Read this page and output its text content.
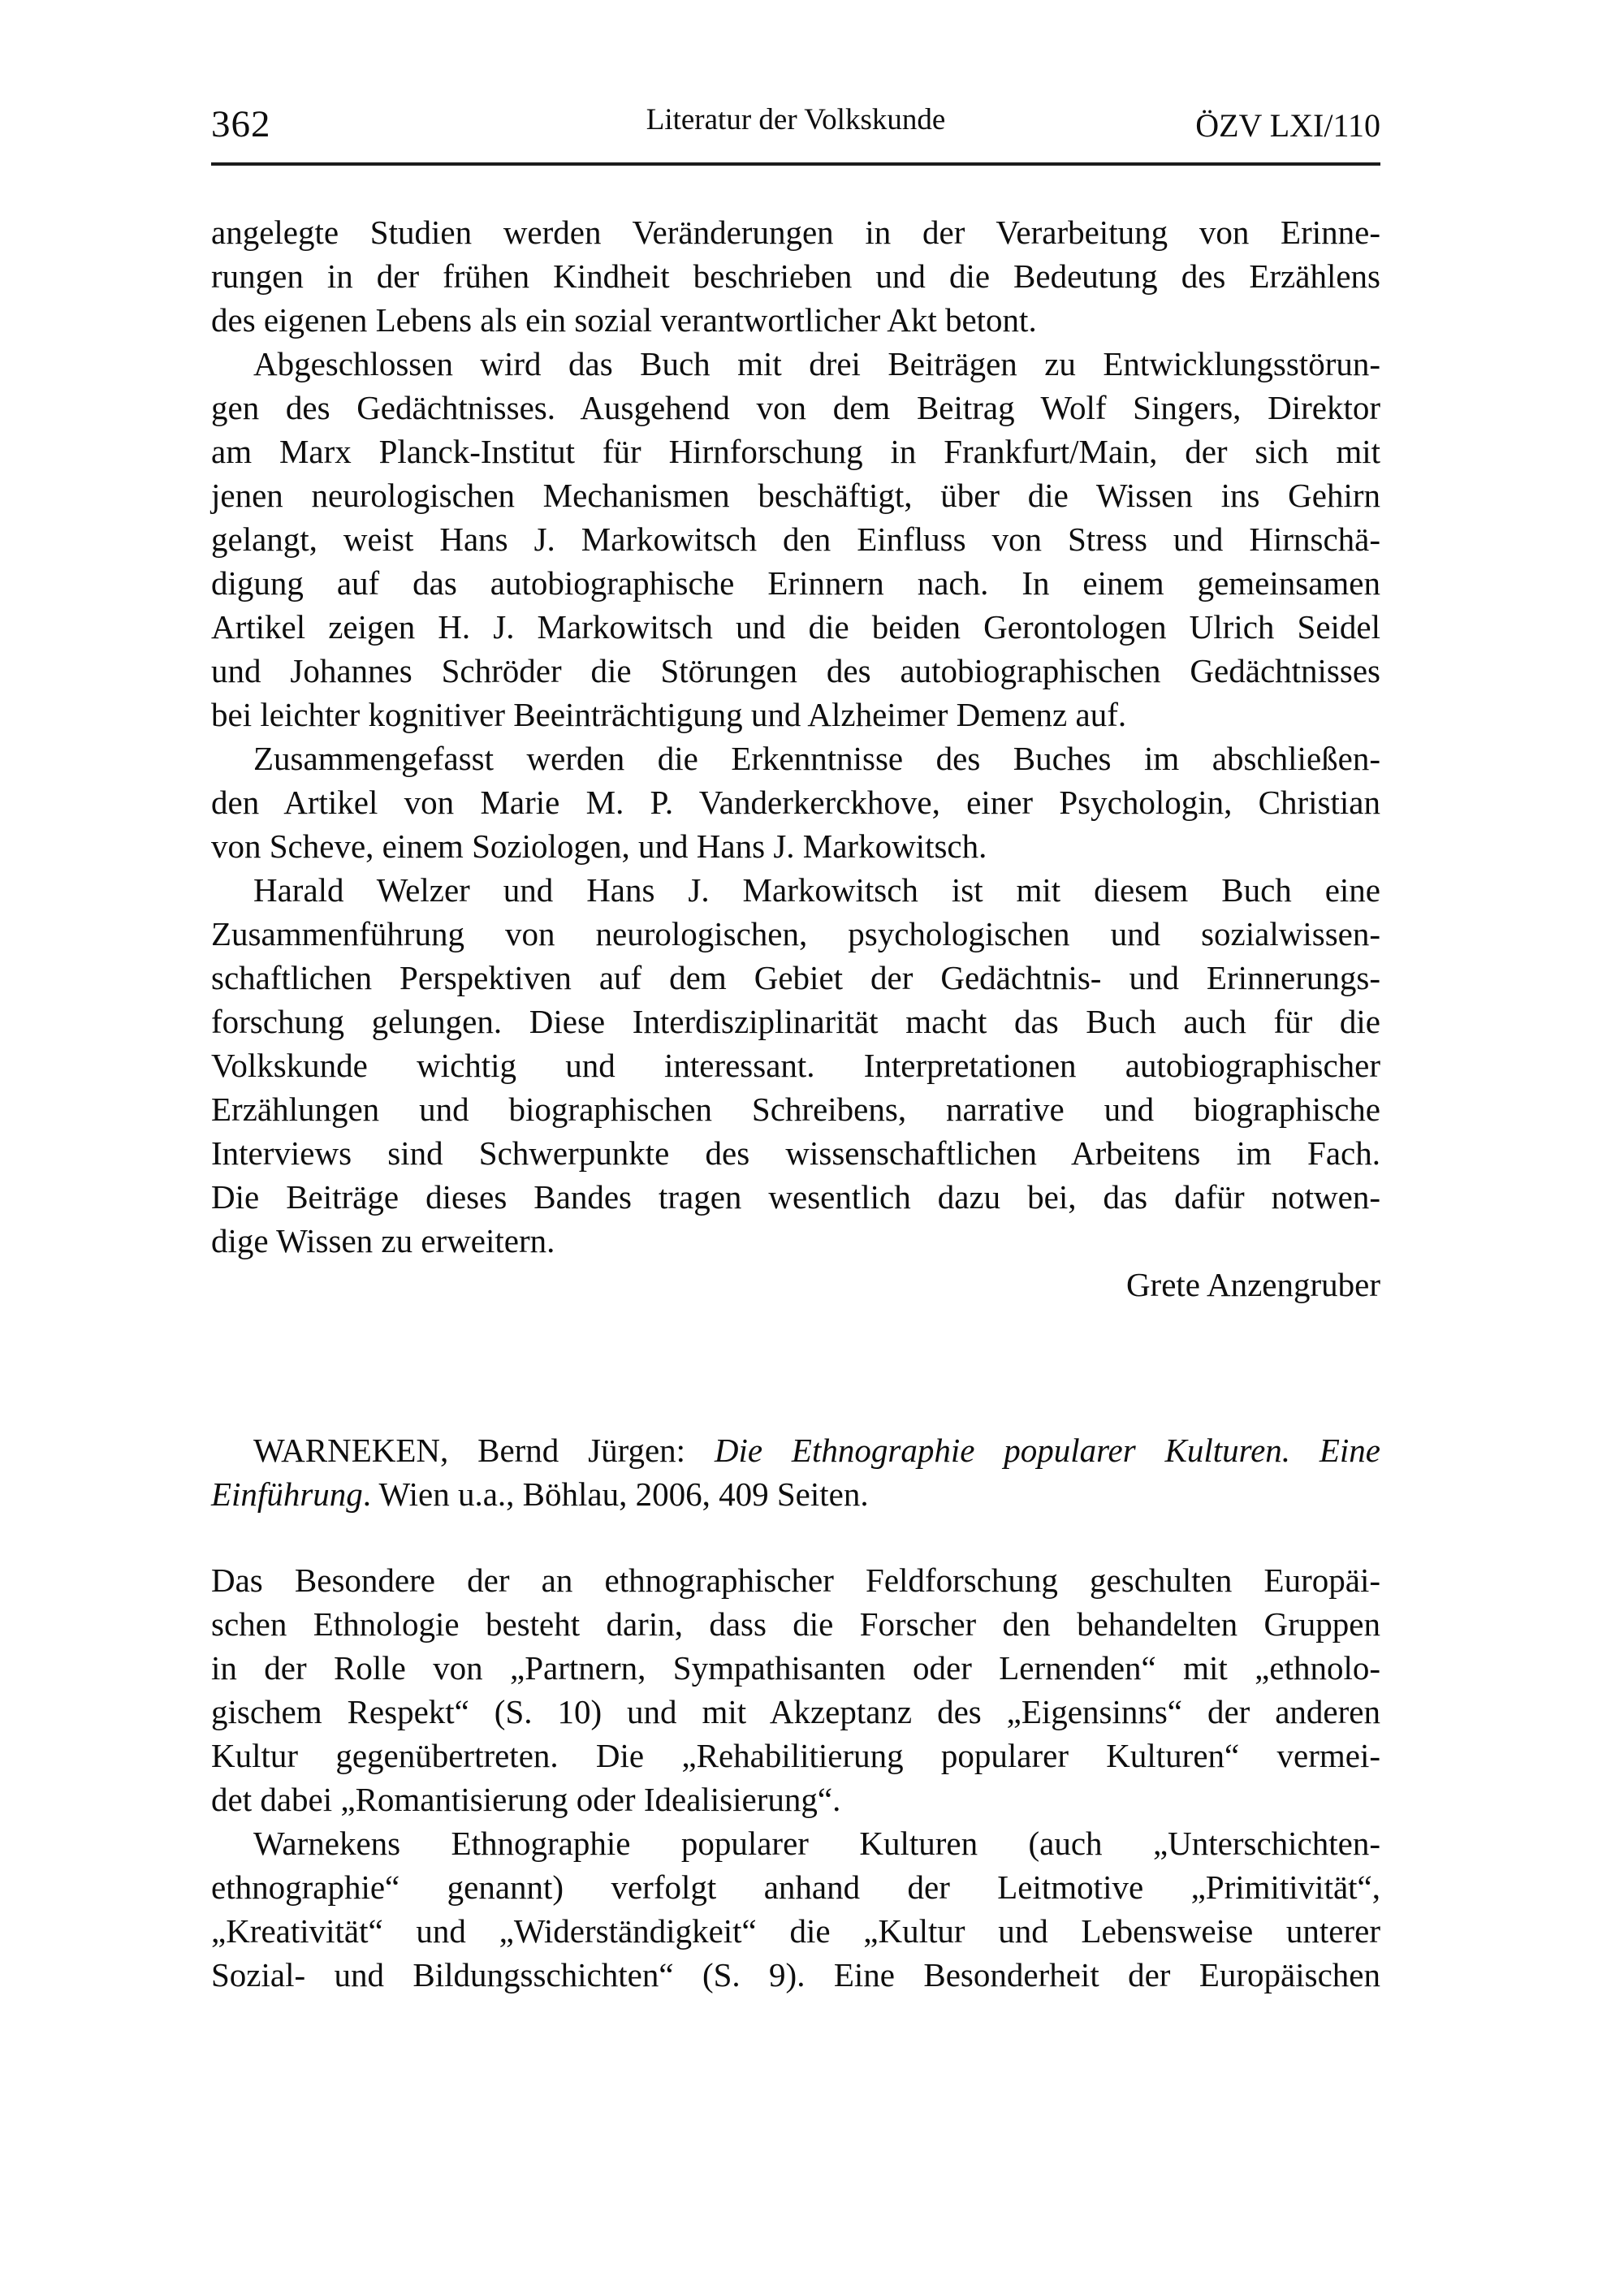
362	Literatur der Volkskunde	ÖZV LXI/110
angelegte Studien werden Veränderungen in der Verarbeitung von Erinne-
rungen in der frühen Kindheit beschrieben und die Bedeutung des Erzählens
des eigenen Lebens als ein sozial verantwortlicher Akt betont.
Abgeschlossen wird das Buch mit drei Beiträgen zu Entwicklungsstörun-
gen des Gedächtnisses. Ausgehend von dem Beitrag Wolf Singers, Direktor
am Marx Planck-Institut für Hirnforschung in Frankfurt/Main, der sich mit
jenen neurologischen Mechanismen beschäftigt, über die Wissen ins Gehirn
gelangt, weist Hans J. Markowitsch den Einfluss von Stress und Hirnschä-
digung auf das autobiographische Erinnern nach. In einem gemeinsamen
Artikel zeigen H. J. Markowitsch und die beiden Gerontologen Ulrich Seidel
und Johannes Schröder die Störungen des autobiographischen Gedächtnisses
bei leichter kognitiver Beeinträchtigung und Alzheimer Demenz auf.
Zusammengefasst werden die Erkenntnisse des Buches im abschließen-
den Artikel von Marie M. P. Vanderkerckhove, einer Psychologin, Christian
von Scheve, einem Soziologen, und Hans J. Markowitsch.
Harald Welzer und Hans J. Markowitsch ist mit diesem Buch eine
Zusammenführung von neurologischen, psychologischen und sozialwissen-
schaftlichen Perspektiven auf dem Gebiet der Gedächtnis- und Erinnerungs-
forschung gelungen. Diese Interdisziplinarität macht das Buch auch für die
Volkskunde wichtig und interessant. Interpretationen autobiographischer
Erzählungen und biographischen Schreibens, narrative und biographische
Interviews sind Schwerpunkte des wissenschaftlichen Arbeitens im Fach.
Die Beiträge dieses Bandes tragen wesentlich dazu bei, das dafür notwen-
dige Wissen zu erweitern.
Grete Anzengruber
WARNEKEN, Bernd Jürgen: Die Ethnographie popularer Kulturen. Eine
Einführung. Wien u.a., Böhlau, 2006, 409 Seiten.
Das Besondere der an ethnographischer Feldforschung geschulten Europäi-
schen Ethnologie besteht darin, dass die Forscher den behandelten Gruppen
in der Rolle von „Partnern, Sympathisanten oder Lernenden“ mit „ethnolo-
gischem Respekt“ (S. 10) und mit Akzeptanz des „Eigensinns“ der anderen
Kultur gegenübertreten. Die „Rehabilitierung popularer Kulturen“ vermei-
det dabei „Romantisierung oder Idealisierung“.
Warnekens Ethnographie popularer Kulturen (auch „Unterschichten-
ethnographie“ genannt) verfolgt anhand der Leitmotive „Primitivität“,
„Kreativität“ und „Widerständigkeit“ die „Kultur und Lebensweise unterer
Sozial- und Bildungsschichten“ (S. 9). Eine Besonderheit der Europäischen
